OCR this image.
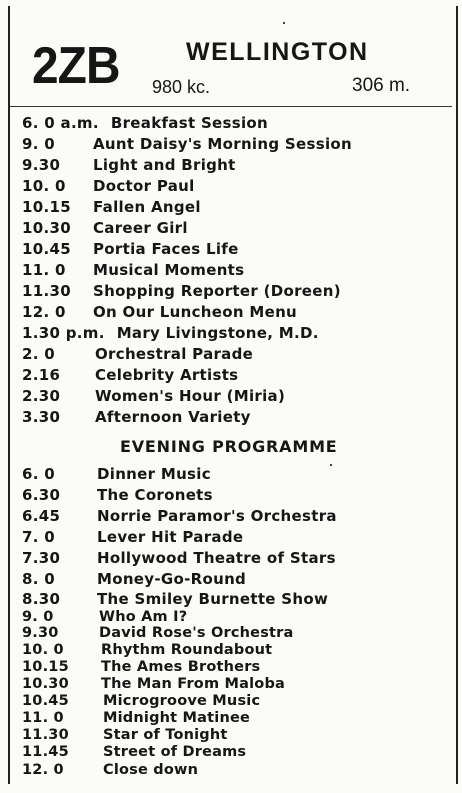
2ZB	WELLINGTON
980 kc.	306 m.
6. 0 a.m. Breakfast Session
9. 0	Aunt Daisy's Morning Session
9.30 Light and Bright
10. 0 Doctor Paul
10.15 Fallen Angel
10.30 Career Girl
10.45 Portia Faces Life
11. 0 Musical Moments
11.30 Shopping Reporter (Doreen)
12. 0 On Our Luncheon Menu
1.30 p.m. Mary Livingstone, M.D.
2. 0	Orchestral Parade
2.16 Celebrity Artists
2.30 Women's Hour (Miria)
3.30 Afternoon Variety
EVENING PROGRAMME
6. 0	Dinner Music
6.30 The Coronets
6.45 Norrie Paramor's Orchestra
7. 0	Lever Hit Parade
7.30 Hollywood Theatre of Stars
8. 0	Money-Go-Round
8.30 The Smiley Burnette Show
9. 0	Who Am I?
9.30	David Rose's Orchestra
10. 0	Rhythm Roundabout
10.15 The Ames Brothers
10.30 The Man From Maloba
10.45 Microgroove Music
11. 0	Midnight Matinee
11.30 Star of Tonight
11.45 Street of Dreams
12. 0	Close down
